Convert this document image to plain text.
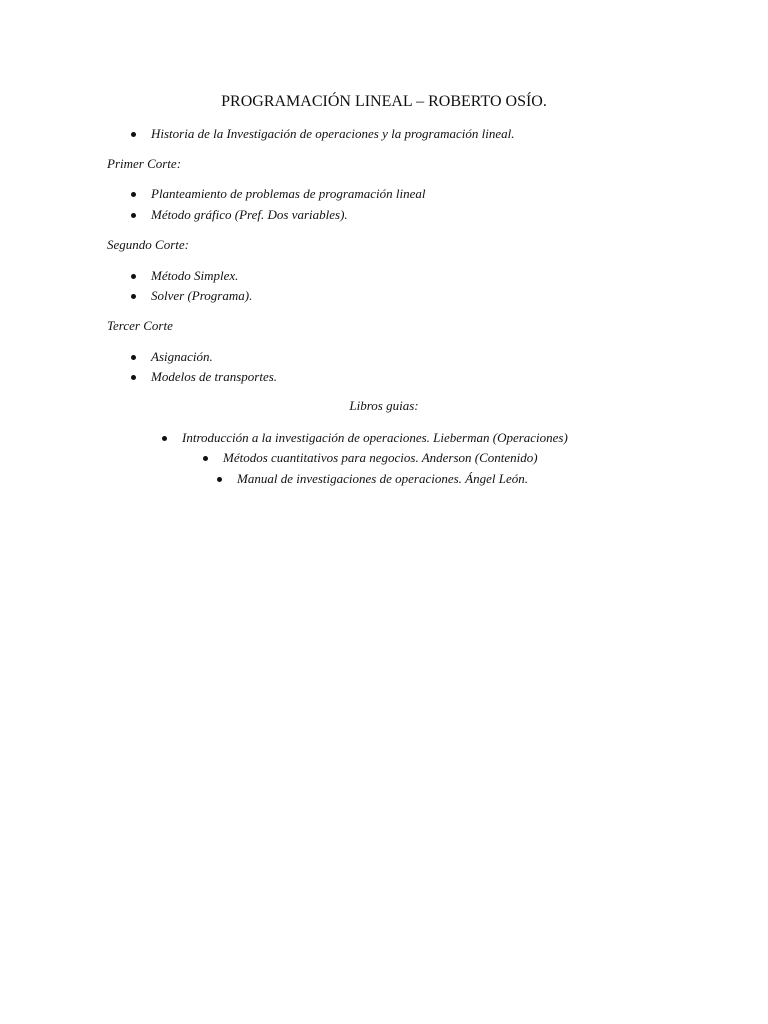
PROGRAMACIÓN LINEAL – ROBERTO OSÍO.
Historia de la Investigación de operaciones y la programación lineal.
Primer Corte:
Planteamiento de problemas de programación lineal
Método gráfico (Pref. Dos variables).
Segundo Corte:
Método Simplex.
Solver (Programa).
Tercer Corte
Asignación.
Modelos de transportes.
Libros guias:
Introducción a la investigación de operaciones. Lieberman (Operaciones)
Métodos cuantitativos para negocios. Anderson (Contenido)
Manual de investigaciones de operaciones. Ángel León.
